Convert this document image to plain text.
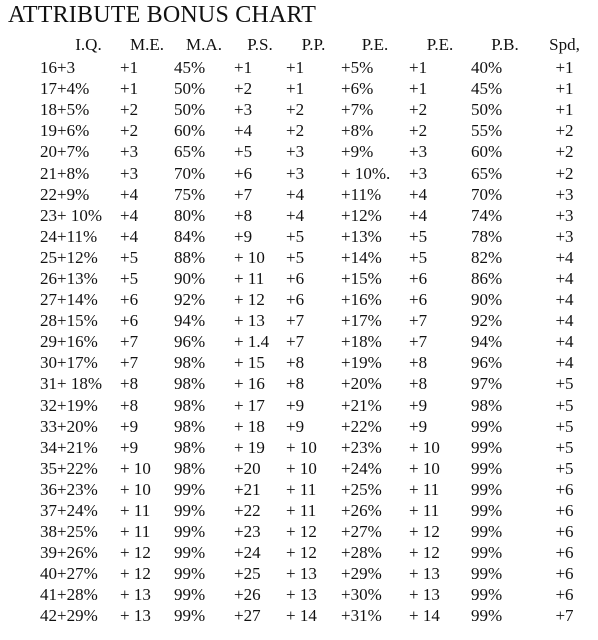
ATTRIBUTE BONUS CHART
	I.Q.	M.E.	M.A.	P.S.	P.P.	P.E.	P.E.	P.B.	Spd,
16	+3	+1	45%	+1	+1	+5%	+1	40%	+1
17	+4%	+1	50%	+2	+1	+6%	+1	45%	+1
18	+5%	+2	50%	+3	+2	+7%	+2	50%	+1
19	+6%	+2	60%	+4	+2	+8%	+2	55%	+2
20	+7%	+3	65%	+5	+3	+9%	+3	60%	+2
21	+8%	+3	70%	+6	+3	+ 10%.	+3	65%	+2
22	+9%	+4	75%	+7	+4	+11%	+4	70%	+3
23	+ 10%	+4	80%	+8	+4	+12%	+4	74%	+3
24	+11%	+4	84%	+9	+5	+13%	+5	78%	+3
25	+12%	+5	88%	+ 10	+5	+14%	+5	82%	+4
26	+13%	+5	90%	+ 11	+6	+15%	+6	86%	+4
27	+14%	+6	92%	+ 12	+6	+16%	+6	90%	+4
28	+15%	+6	94%	+ 13	+7	+17%	+7	92%	+4
29	+16%	+7	96%	+ 1.4	+7	+18%	+7	94%	+4
30	+17%	+7	98%	+ 15	+8	+19%	+8	96%	+4
31	+ 18%	+8	98%	+ 16	+8	+20%	+8	97%	+5
32	+19%	+8	98%	+ 17	+9	+21%	+9	98%	+5
33	+20%	+9	98%	+ 18	+9	+22%	+9	99%	+5
34	+21%	+9	98%	+ 19	+ 10	+23%	+ 10	99%	+5
35	+22%	+ 10	98%	+20	+ 10	+24%	+ 10	99%	+5
36	+23%	+ 10	99%	+21	+ 11	+25%	+ 11	99%	+6
37	+24%	+ 11	99%	+22	+ 11	+26%	+ 11	99%	+6
38	+25%	+ 11	99%	+23	+ 12	+27%	+ 12	99%	+6
39	+26%	+ 12	99%	+24	+ 12	+28%	+ 12	99%	+6
40	+27%	+ 12	99%	+25	+ 13	+29%	+ 13	99%	+6
41	+28%	+ 13	99%	+26	+ 13	+30%	+ 13	99%	+6
42	+29%	+ 13	99%	+27	+ 14	+31%	+ 14	99%	+7
